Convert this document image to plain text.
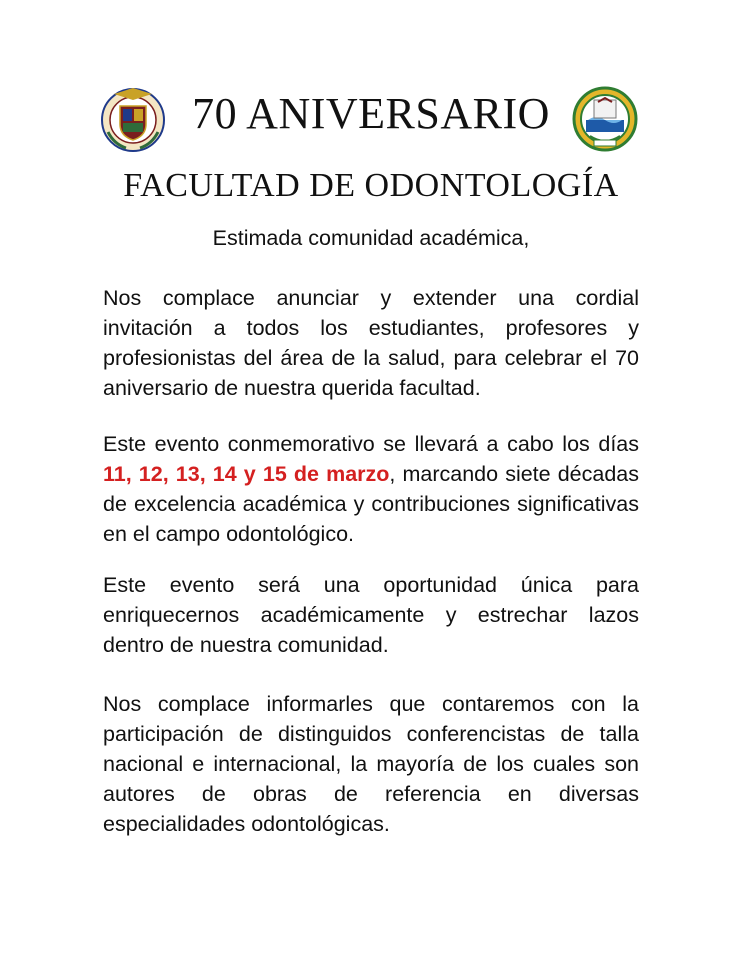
70 ANIVERSARIO
FACULTAD DE ODONTOLOGÍA
Estimada comunidad académica,

Nos complace anunciar y extender una cordial invitación a todos los estudiantes, profesores y profesionistas del área de la salud, para celebrar el 70 aniversario de nuestra querida facultad.

Este evento conmemorativo se llevará a cabo los días 11, 12, 13, 14 y 15 de marzo, marcando siete décadas de excelencia académica y contribuciones significativas en el campo odontológico.

Este evento será una oportunidad única para enriquecernos académicamente y estrechar lazos dentro de nuestra comunidad.

Nos complace informarles que contaremos con la participación de distinguidos conferencistas de talla nacional e internacional, la mayoría de los cuales son autores de obras de referencia en diversas especialidades odontológicas.
